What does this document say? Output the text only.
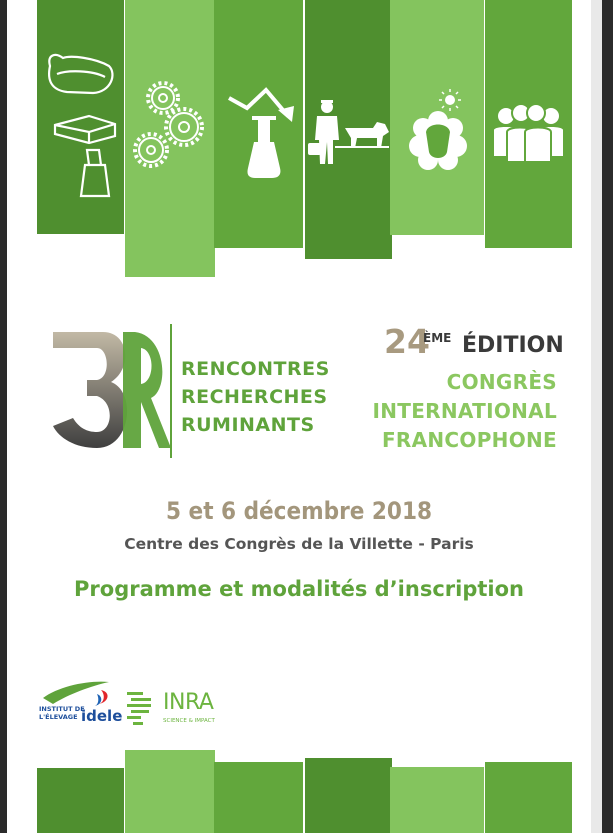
RENCONTRES
RECHERCHES
RUMINANTS
24
ÈME ÉDITION
CONGRÈS
INTERNATIONAL
FRANCOPHONE
5 et 6 décembre 2018
Centre des Congrès de la Villette - Paris
Programme et modalités d’inscription
INSTITUT DE
L'ÉLEVAGE idele
INRA
SCIENCE & IMPACT
